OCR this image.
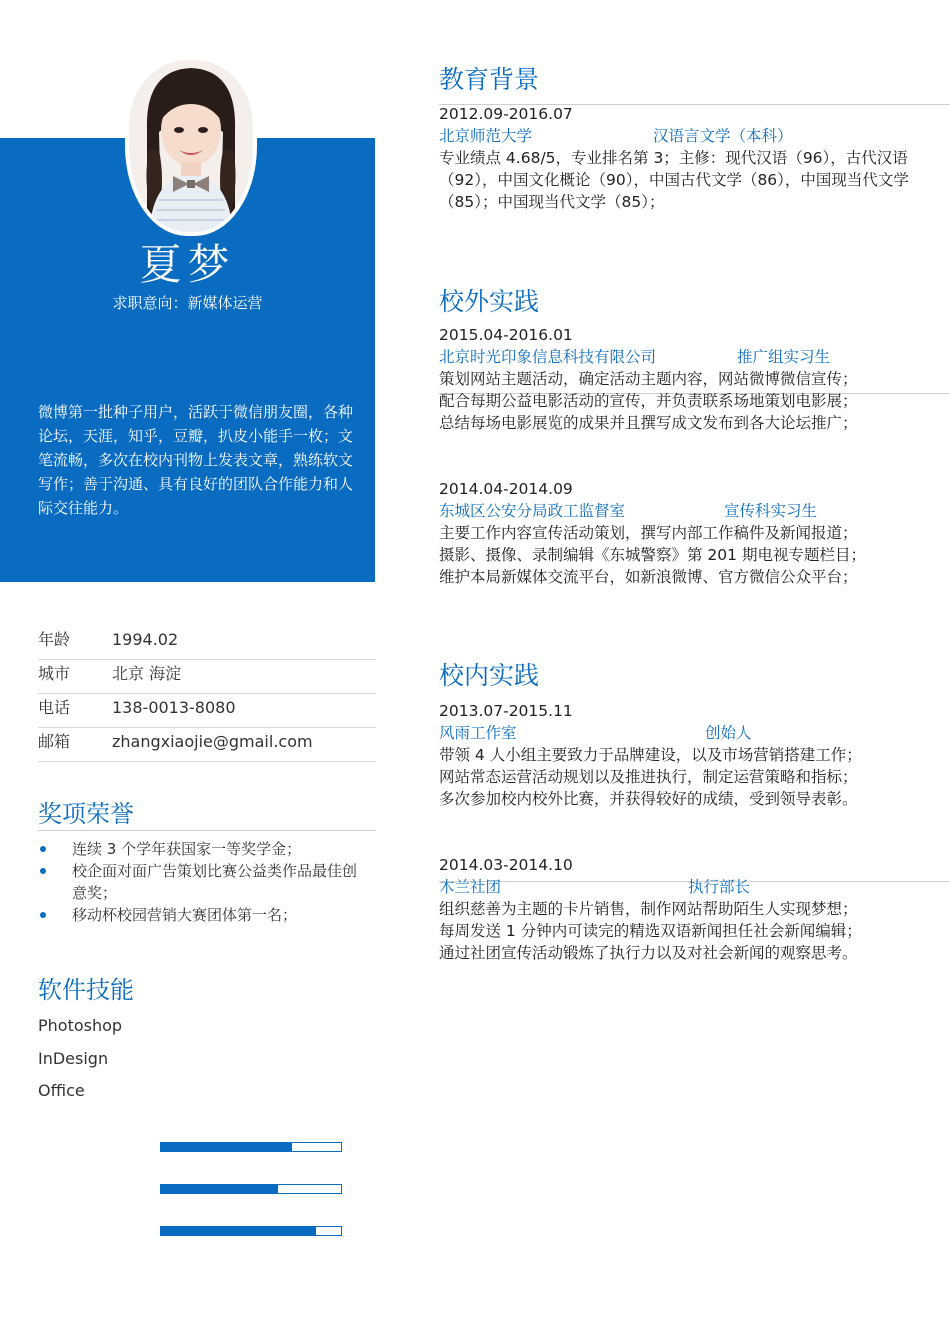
夏梦
求职意向：新媒体运营
微博第一批种子用户，活跃于微信朋友圈，各种论坛，天涯，知乎，豆瓣，扒皮小能手一枚；文笔流畅，多次在校内刊物上发表文章，熟练软文写作；善于沟通、具有良好的团队合作能力和人际交往能力。
年龄	1994.02
城市	北京 海淀
电话	138-0013-8080
邮箱	zhangxiaojie@gmail.com
奖项荣誉
连续 3 个学年获国家一等奖学金；
校企面对面广告策划比赛公益类作品最佳创意奖；
移动杯校园营销大赛团体第一名；
软件技能
Photoshop
InDesign
Office
教育背景
2012.09-2016.07
北京师范大学	汉语言文学（本科）
专业绩点 4.68/5，专业排名第 3；主修：现代汉语（96），古代汉语（92），中国文化概论（90），中国古代文学（86），中国现当代文学（85）；中国现当代文学（85）；
校外实践
2015.04-2016.01
北京时光印象信息科技有限公司	推广组实习生
策划网站主题活动，确定活动主题内容，网站微博微信宣传；
配合每期公益电影活动的宣传，并负责联系场地策划电影展；
总结每场电影展览的成果并且撰写成文发布到各大论坛推广；
2014.04-2014.09
东城区公安分局政工监督室	宣传科实习生
主要工作内容宣传活动策划，撰写内部工作稿件及新闻报道；
摄影、摄像、录制编辑《东城警察》第 201 期电视专题栏目；
维护本局新媒体交流平台，如新浪微博、官方微信公众平台；
校内实践
2013.07-2015.11
风雨工作室	创始人
带领 4 人小组主要致力于品牌建设，以及市场营销搭建工作；
网站常态运营活动规划以及推进执行，制定运营策略和指标；
多次参加校内校外比赛，并获得较好的成绩，受到领导表彰。
2014.03-2014.10
木兰社团	执行部长
组织慈善为主题的卡片销售，制作网站帮助陌生人实现梦想；
每周发送 1 分钟内可读完的精选双语新闻担任社会新闻编辑；
通过社团宣传活动锻炼了执行力以及对社会新闻的观察思考。
